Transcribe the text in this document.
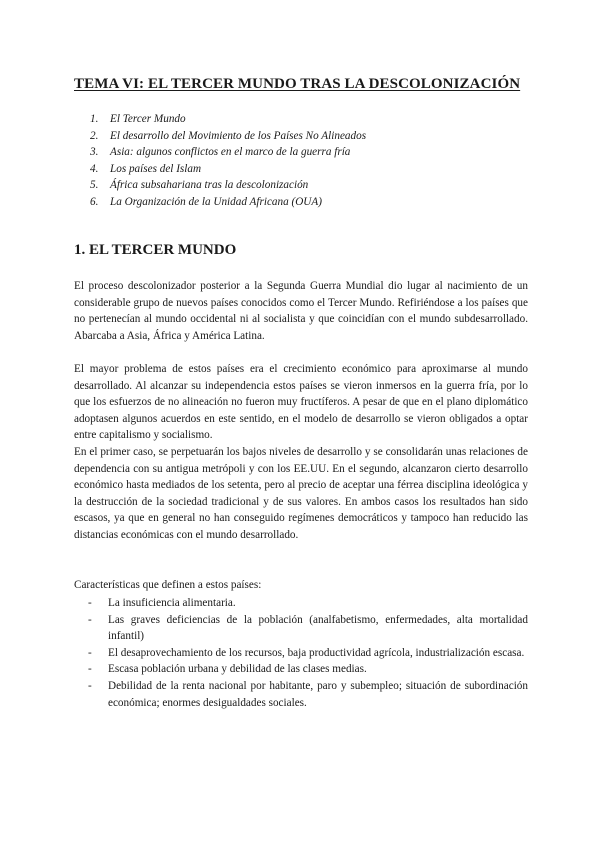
TEMA VI: EL TERCER MUNDO TRAS LA DESCOLONIZACIÓN
1. El Tercer Mundo
2. El desarrollo del Movimiento de los Países No Alineados
3. Asia: algunos conflictos en el marco de la guerra fría
4. Los países del Islam
5. África subsahariana tras la descolonización
6. La Organización de la Unidad Africana (OUA)
1. EL TERCER MUNDO

El proceso descolonizador posterior a la Segunda Guerra Mundial dio lugar al nacimiento de un considerable grupo de nuevos países conocidos como el Tercer Mundo. Refiriéndose a los países que no pertenecían al mundo occidental ni al socialista y que coincidían con el mundo subdesarrollado. Abarcaba a Asia, África y América Latina.

El mayor problema de estos países era el crecimiento económico para aproximarse al mundo desarrollado. Al alcanzar su independencia estos países se vieron inmersos en la guerra fría, por lo que los esfuerzos de no alineación no fueron muy fructíferos. A pesar de que en el plano diplomático adoptasen algunos acuerdos en este sentido, en el modelo de desarrollo se vieron obligados a optar entre capitalismo y socialismo.

En el primer caso, se perpetuarán los bajos niveles de desarrollo y se consolidarán unas relaciones de dependencia con su antigua metrópoli y con los EE.UU. En el segundo, alcanzaron cierto desarrollo económico hasta mediados de los setenta, pero al precio de aceptar una férrea disciplina ideológica y la destrucción de la sociedad tradicional y de sus valores. En ambos casos los resultados han sido escasos, ya que en general no han conseguido regímenes democráticos y tampoco han reducido las distancias económicas con el mundo desarrollado.

Características que definen a estos países:

- La insuficiencia alimentaria.
- Las graves deficiencias de la población (analfabetismo, enfermedades, alta mortalidad infantil)
- El desaprovechamiento de los recursos, baja productividad agrícola, industrialización escasa.
- Escasa población urbana y debilidad de las clases medias.
- Debilidad de la renta nacional por habitante, paro y subempleo; situación de subordinación económica; enormes desigualdades sociales.
